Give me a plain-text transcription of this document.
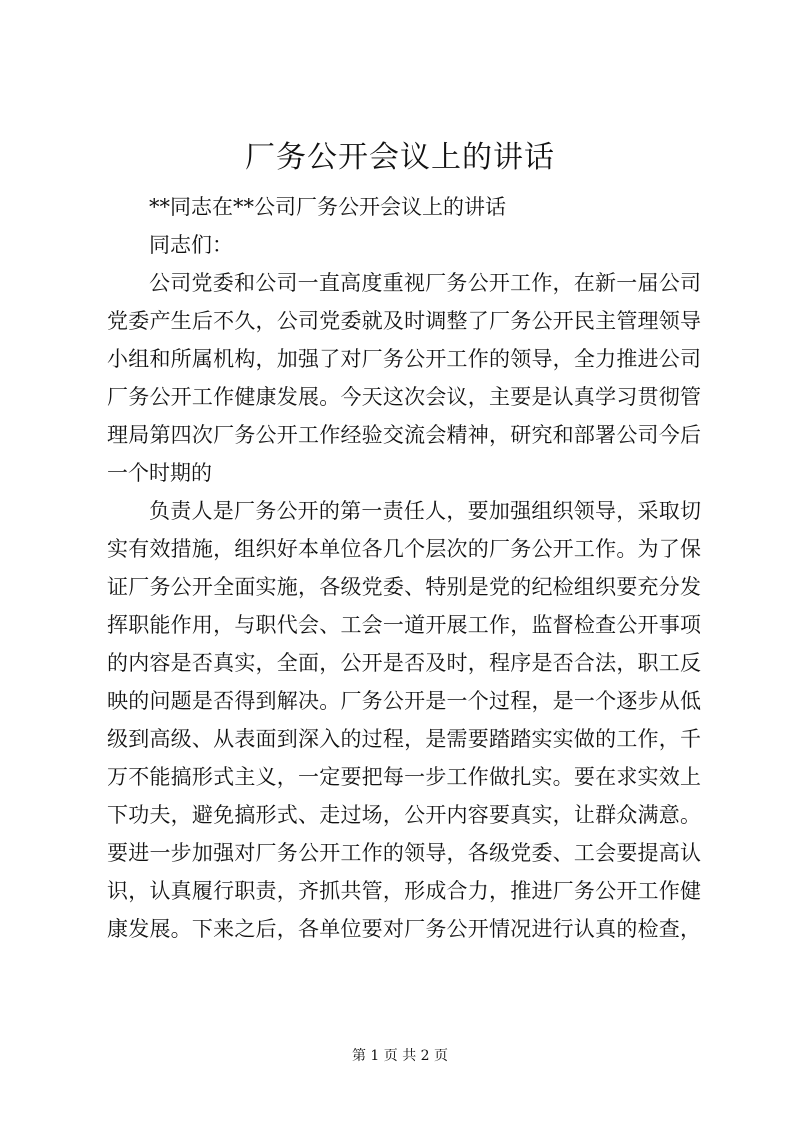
厂务公开会议上的讲话
**同志在**公司厂务公开会议上的讲话
同志们：
公司党委和公司一直高度重视厂务公开工作，在新一届公司
党委产生后不久，公司党委就及时调整了厂务公开民主管理领导
小组和所属机构，加强了对厂务公开工作的领导，全力推进公司
厂务公开工作健康发展。今天这次会议，主要是认真学习贯彻管
理局第四次厂务公开工作经验交流会精神，研究和部署公司今后
一个时期的
负责人是厂务公开的第一责任人，要加强组织领导，采取切
实有效措施，组织好本单位各几个层次的厂务公开工作。为了保
证厂务公开全面实施，各级党委、特别是党的纪检组织要充分发
挥职能作用，与职代会、工会一道开展工作，监督检查公开事项
的内容是否真实，全面，公开是否及时，程序是否合法，职工反
映的问题是否得到解决。厂务公开是一个过程，是一个逐步从低
级到高级、从表面到深入的过程，是需要踏踏实实做的工作，千
万不能搞形式主义，一定要把每一步工作做扎实。要在求实效上
下功夫，避免搞形式、走过场，公开内容要真实，让群众满意。
要进一步加强对厂务公开工作的领导，各级党委、工会要提高认
识，认真履行职责，齐抓共管，形成合力，推进厂务公开工作健
康发展。下来之后，各单位要对厂务公开情况进行认真的检查，
第 1 页 共 2 页
